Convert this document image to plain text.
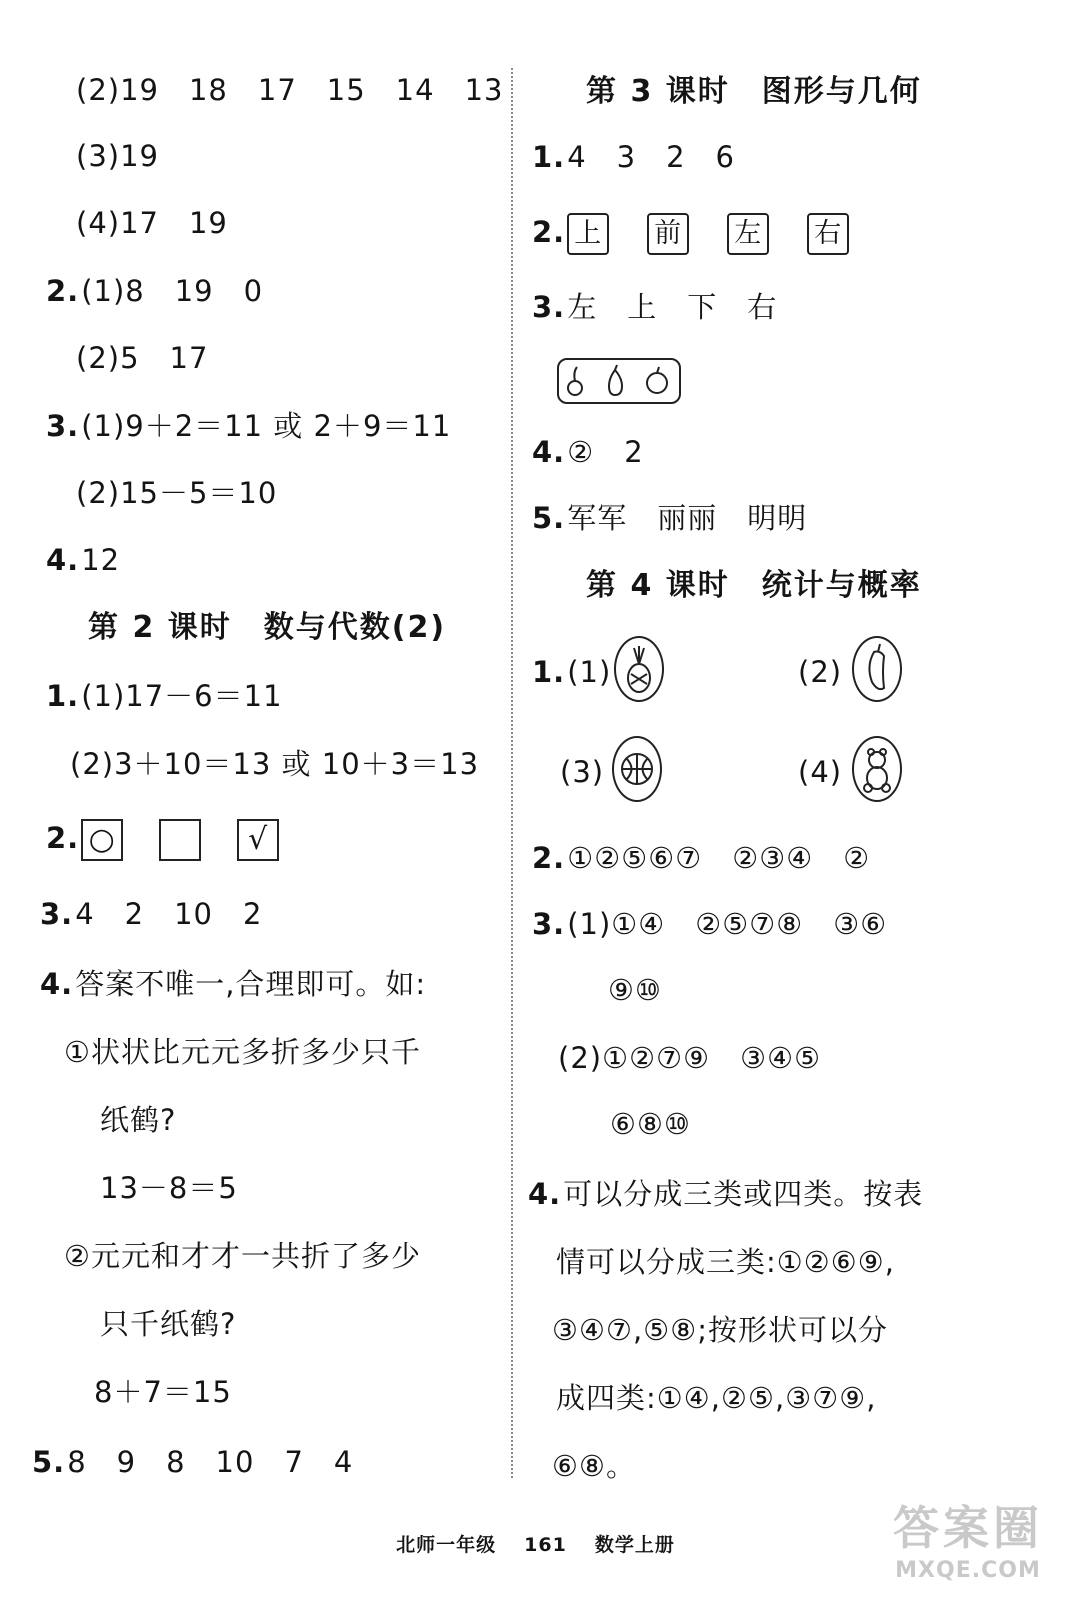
(2)19　18　17　15　14　13
(3)19
(4)17　19
2.(1)8　19　0
(2)5　17
3.(1)9＋2＝11 或 2＋9＝11
(2)15－5＝10
4.12
第 2 课时　数与代数(2)
1.(1)17－6＝11
(2)3＋10＝13 或 10＋3＝13
2. ○	√
3.4　2　10　2
4.答案不唯一,合理即可。如:
①状状比元元多折多少只千
纸鹤?
13－8＝5
②元元和才才一共折了多少
只千纸鹤?
8＋7＝15
5.8　9　8　10　7　4
第 3 课时　图形与几何
1.4　3　2　6
2. 上 前 左 右
3.左　上　下　右
4.②　2
5.军军　丽丽　明明
第 4 课时　统计与概率
1.(1)	(2)
(3)	(4)
2.①②⑤⑥⑦　②③④　②
3.(1)①④　②⑤⑦⑧　③⑥
⑨⑩
(2)①②⑦⑨　③④⑤
⑥⑧⑩
4.可以分成三类或四类。按表
情可以分成三类:①②⑥⑨,
③④⑦,⑤⑧;按形状可以分
成四类:①④,②⑤,③⑦⑨,
⑥⑧。
北师一年级 161 数学上册	答案圈
MXQE.COM
